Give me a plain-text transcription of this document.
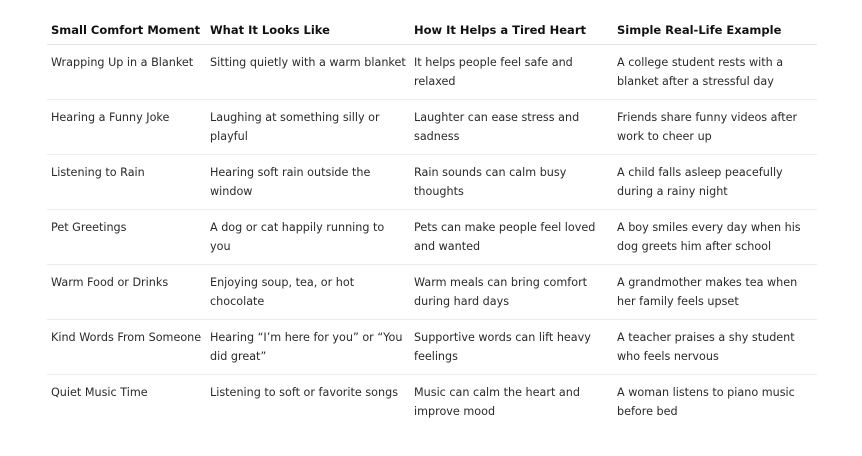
Small Comfort Moment	What It Looks Like	How It Helps a Tired Heart	Simple Real-Life Example
Wrapping Up in a Blanket	Sitting quietly with a warm blanket	It helps people feel safe and relaxed	A college student rests with a blanket after a stressful day
Hearing a Funny Joke	Laughing at something silly or playful	Laughter can ease stress and sadness	Friends share funny videos after work to cheer up
Listening to Rain	Hearing soft rain outside the window	Rain sounds can calm busy thoughts	A child falls asleep peacefully during a rainy night
Pet Greetings	A dog or cat happily running to you	Pets can make people feel loved and wanted	A boy smiles every day when his dog greets him after school
Warm Food or Drinks	Enjoying soup, tea, or hot chocolate	Warm meals can bring comfort during hard days	A grandmother makes tea when her family feels upset
Kind Words From Someone	Hearing “I’m here for you” or “You did great”	Supportive words can lift heavy feelings	A teacher praises a shy student who feels nervous
Quiet Music Time	Listening to soft or favorite songs	Music can calm the heart and improve mood	A woman listens to piano music before bed
